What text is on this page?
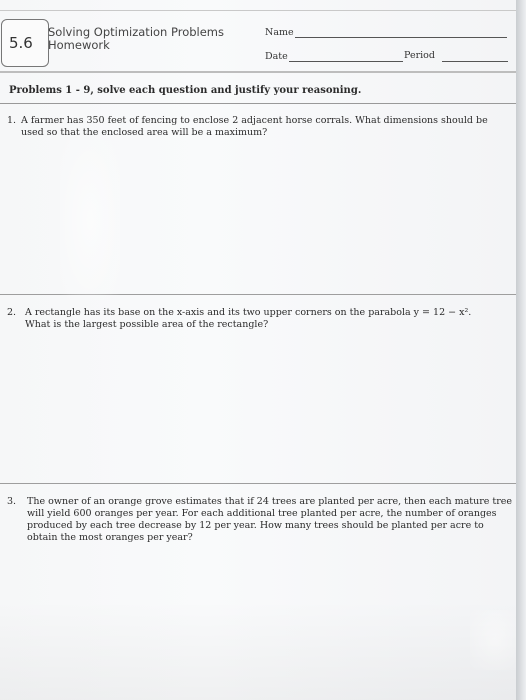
5.6
Solving Optimization Problems
Homework
Name
Date	Period
Problems 1 - 9, solve each question and justify your reasoning.
1. A farmer has 350 feet of fencing to enclose 2 adjacent horse corrals. What dimensions should be
used so that the enclosed area will be a maximum?
2. A rectangle has its base on the x-axis and its two upper corners on the parabola y = 12 − x².
What is the largest possible area of the rectangle?
3. The owner of an orange grove estimates that if 24 trees are planted per acre, then each mature tree
will yield 600 oranges per year. For each additional tree planted per acre, the number of oranges
produced by each tree decrease by 12 per year. How many trees should be planted per acre to
obtain the most oranges per year?
